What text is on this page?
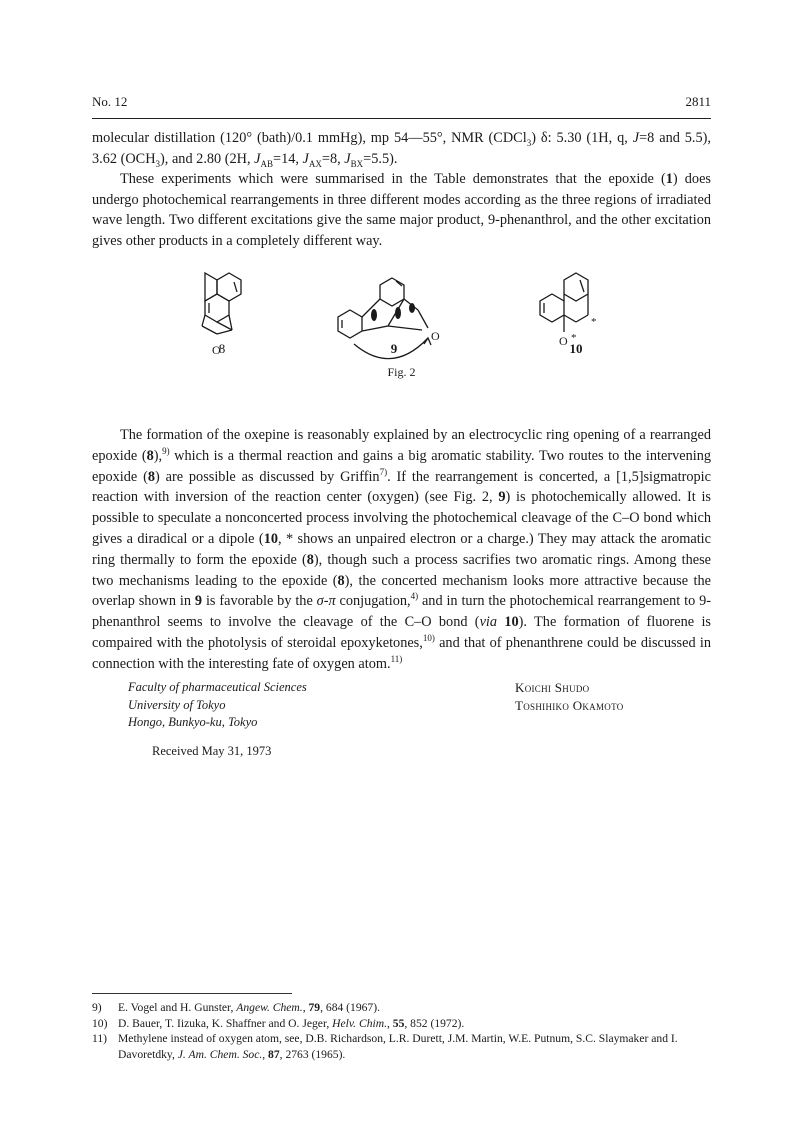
No. 12	2811

molecular distillation (120° (bath)/0.1 mmHg), mp 54—55°, NMR (CDCl$_3$) δ: 5.30 (1H, q, J=8 and 5.5), 3.62 $(OCH_3)$, and 2.80 (2H, $J_{AB}=14$, $J_{AX}=8$, $J_{BX}=5.5$).

These experiments which were summarised in the Table demonstrates that the epoxide (1) does undergo photochemical rearrangements in three different modes according as the three regions of irradiated wave length. Two different excitations give the same major product, 9-phenanthrol, and the other excitation gives other products in a completely different way.

O
O	O *
*
8	9	10
Fig. 2

The formation of the oxepine is reasonably explained by an electrocyclic ring opening of a rearranged epoxide (8),$^{9)}$ which is a thermal reaction and gains a big aromatic stability. Two routes to the intervening epoxide (8) are possible as discussed by Griffin$^{7)}$. If the rearrangement is concerted, a [1,5]sigmatropic reaction with inversion of the reaction center (oxygen) (see Fig. 2, 9) is photochemically allowed. It is possible to speculate a nonconcerted process involving the photochemical cleavage of the C–O bond which gives a diradical or a dipole (10, * shows an unpaired electron or a charge.) They may attack the aromatic ring thermally to form the epoxide (8), though such a process sacrifies two aromatic rings. Among these two mechanisms leading to the epoxide (8), the concerted mechanism looks more attractive because the overlap shown in 9 is favorable by the σ-π conjugation,$^{4)}$ and in turn the photochemical rearrangement to 9-phenanthrol seems to involve the cleavage of the C–O bond (via 10). The formation of fluorene is compaired with the photolysis of steroidal epoxyketones,$^{10)}$ and that of phenanthrene could be discussed in connection with the interesting fate of oxygen atom.$^{11)}$

Faculty of pharmaceutical Sciences
University of Tokyo
Hongo, Bunkyo-ku, Tokyo
Koichi Shudo
Toshihiko Okamoto
Received May 31, 1973
9)	E. Vogel and H. Gunster, Angew. Chem., 79, 684 (1967).
10) D. Bauer, T. Iizuka, K. Shaffner and O. Jeger, Helv. Chim., 55, 852 (1972).
11) Methylene instead of oxygen atom, see, D.B. Richardson, L.R. Durett, J.M. Martin, W.E. Putnum, S.C. Slaymaker and I. Davoretdky, J. Am. Chem. Soc., 87, 2763 (1965).
